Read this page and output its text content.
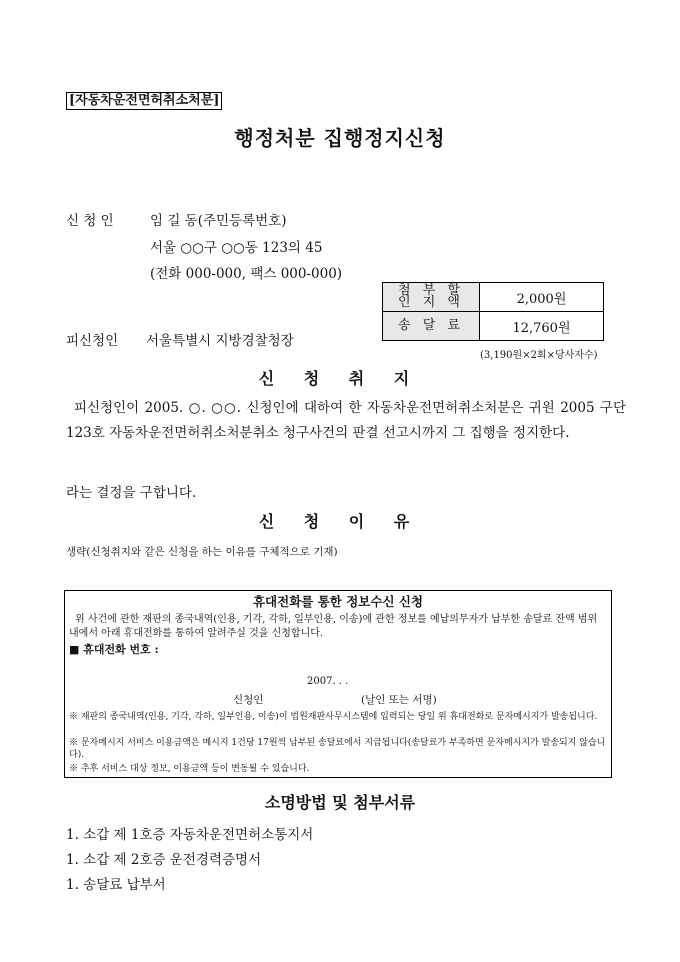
[자동차운전면허취소처분]
행정처분 집행정지신청
신 청 인	임 길 동(주민등록번호)
서울 ○○구 ○○동 123의 45
(전화 000-000, 팩스 000-000)
첨 부 할
인 지 액	2,000원
송 달 료	12,760원
(3,190원×2회×당사자수)
피신청인 서울특별시 지방경찰청장
신 청 취 지
피신청인이 2005. ○. ○○. 신청인에 대하여 한 자동차운전면허취소처분은 귀원 2005 구단123호 자동차운전면허취소처분취소 청구사건의 판결 선고시까지 그 집행을 정지한다.
라는 결정을 구합니다.
신 청 이 유
생략(신청취지와 같은 신청을 하는 이유를 구체적으로 기재)
휴대전화를 통한 정보수신 신청
위 사건에 관한 재판의 종국내역(인용, 기각, 각하, 일부인용, 이송)에 관한 정보를 예납의무자가 납부한 송달료 잔액 범위 내에서 아래 휴대전화를 통하여 알려주실 것을 신청합니다.
■ 휴대전화 번호 :
2007. . .
신청인	(날인 또는 서명)
※ 재판의 종국내역(인용, 기각, 각하, 일부인용, 이송)이 법원재판사무시스템에 입력되는 당일 위 휴대전화로 문자메시지가 발송됩니다.
※ 문자메시지 서비스 이용금액은 메시지 1건당 17원씩 납부된 송달료에서 지급됩니다(송달료가 부족하면 문자메시지가 발송되지 않습니다).
※ 추후 서비스 대상 정보, 이용금액 등이 변동될 수 있습니다.
소명방법 및 첨부서류
1. 소갑 제 1호증 자동차운전면허소통지서
1. 소갑 제 2호증 운전경력증명서
1. 송달료 납부서
